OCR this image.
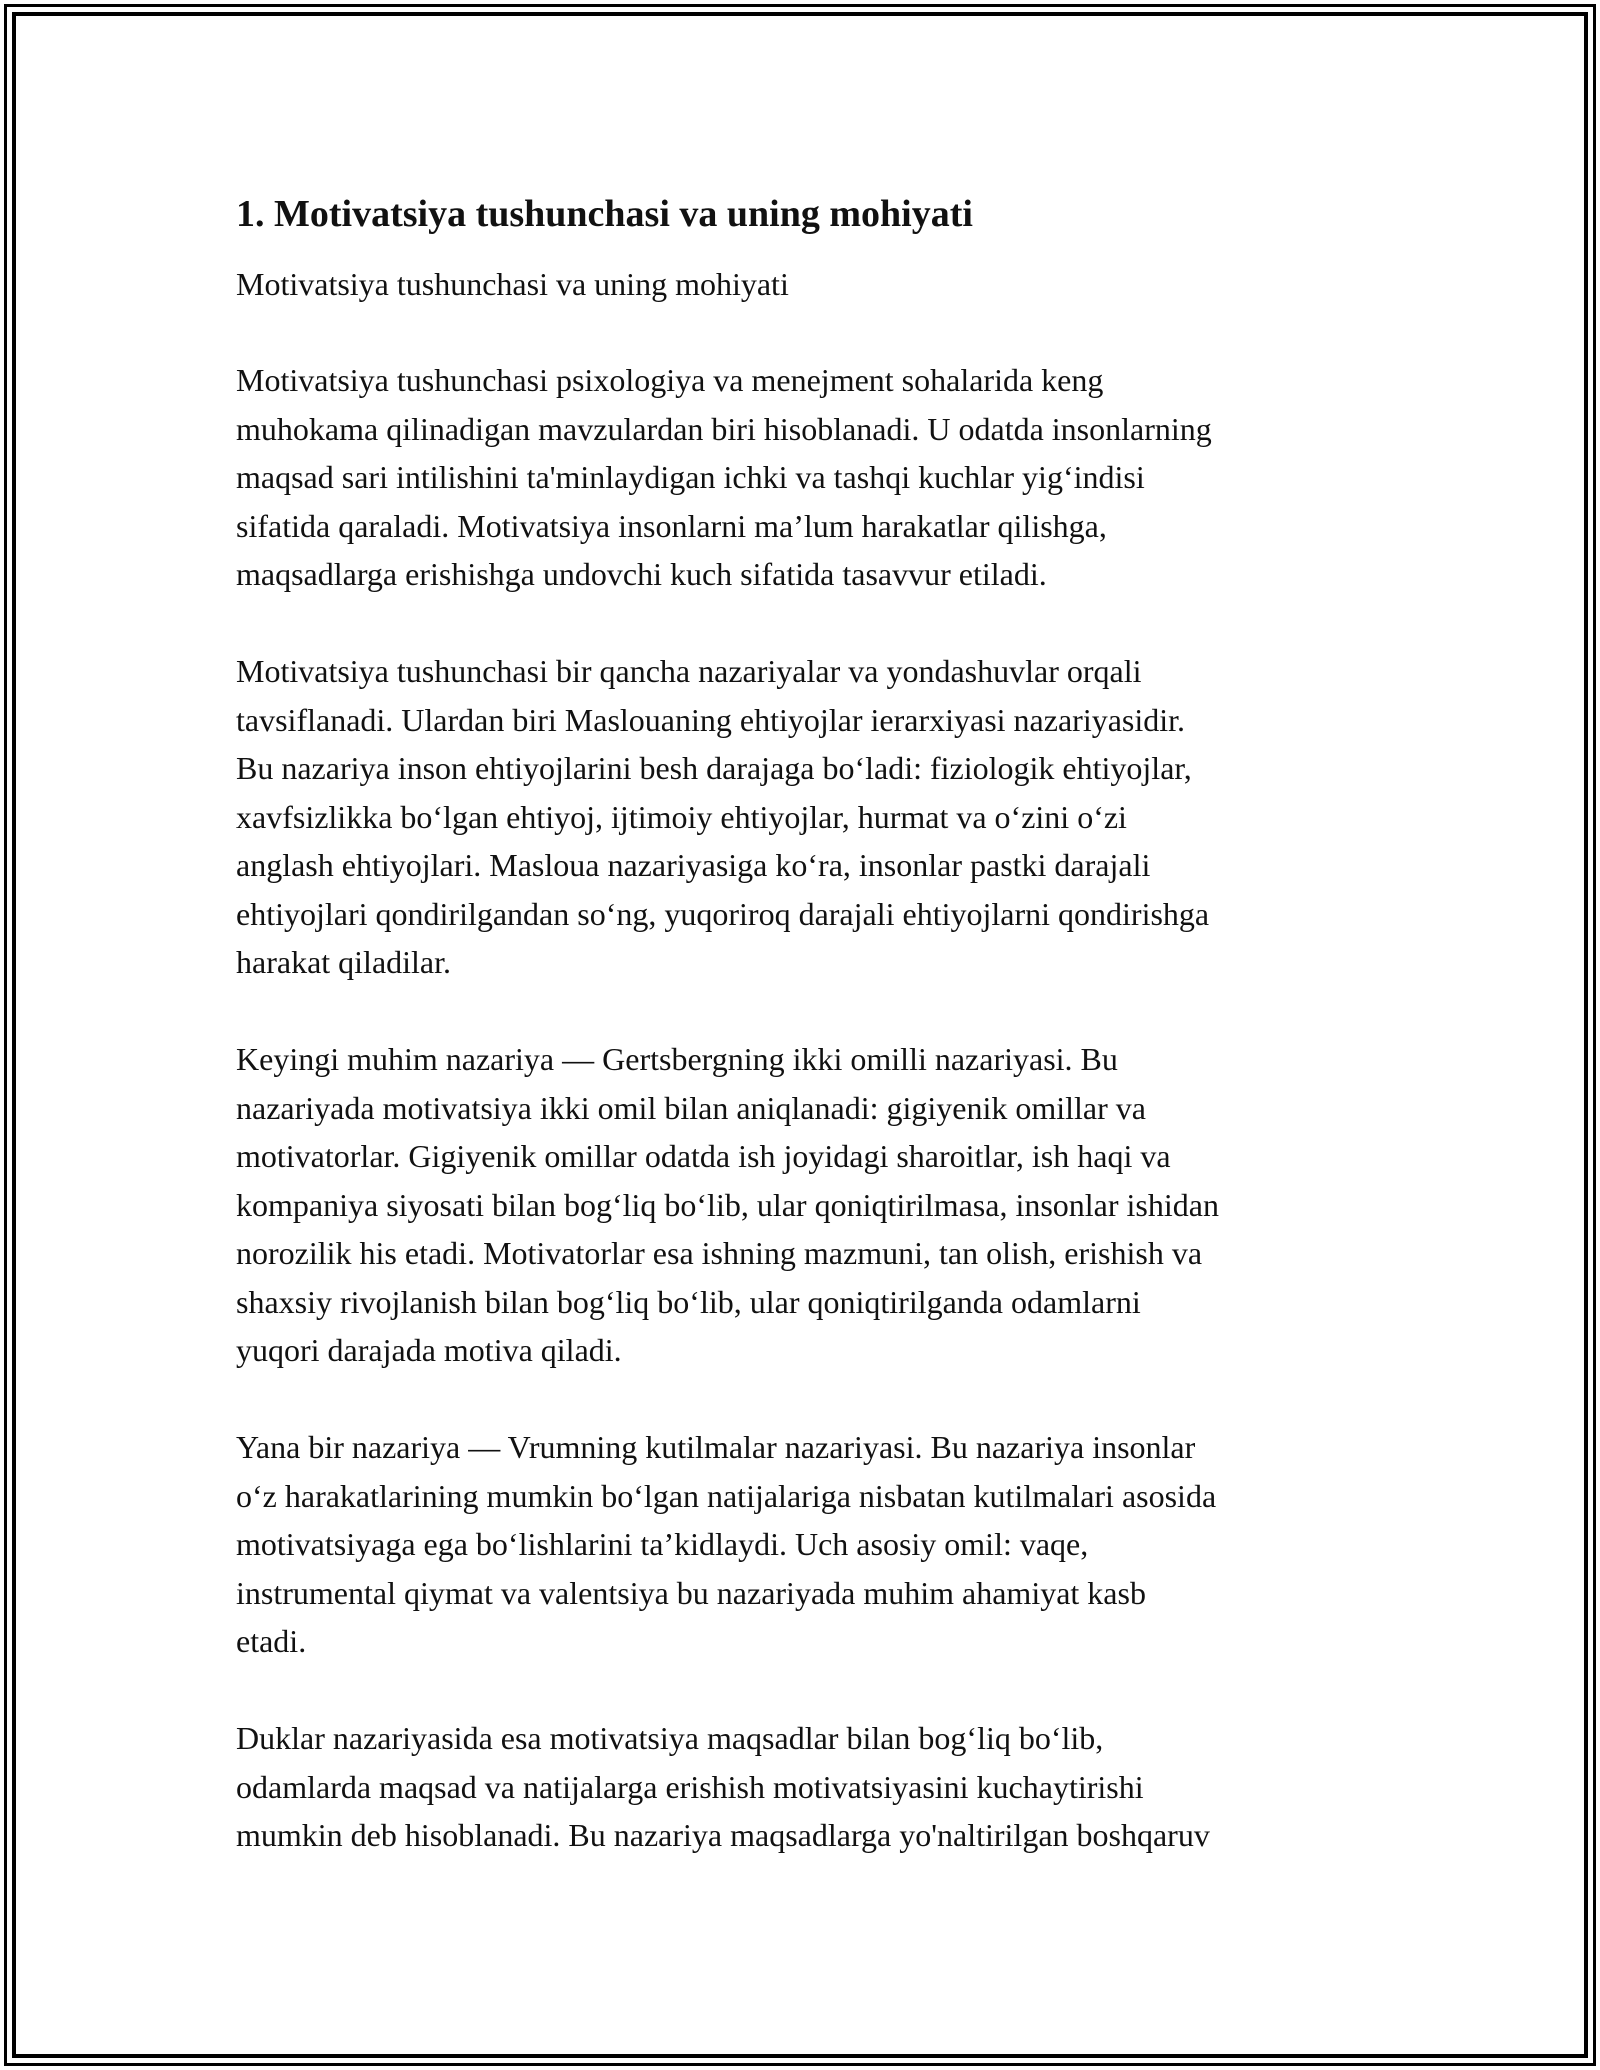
1. Motivatsiya tushunchasi va uning mohiyati
Motivatsiya tushunchasi va uning mohiyati

Motivatsiya tushunchasi psixologiya va menejment sohalarida keng
muhokama qilinadigan mavzulardan biri hisoblanadi. U odatda insonlarning
maqsad sari intilishini ta'minlaydigan ichki va tashqi kuchlar yig‘indisi
sifatida qaraladi. Motivatsiya insonlarni ma’lum harakatlar qilishga,
maqsadlarga erishishga undovchi kuch sifatida tasavvur etiladi.

Motivatsiya tushunchasi bir qancha nazariyalar va yondashuvlar orqali
tavsiflanadi. Ulardan biri Maslouaning ehtiyojlar ierarxiyasi nazariyasidir.
Bu nazariya inson ehtiyojlarini besh darajaga bo‘ladi: fiziologik ehtiyojlar,
xavfsizlikka bo‘lgan ehtiyoj, ijtimoiy ehtiyojlar, hurmat va o‘zini o‘zi
anglash ehtiyojlari. Masloua nazariyasiga ko‘ra, insonlar pastki darajali
ehtiyojlari qondirilgandan so‘ng, yuqoriroq darajali ehtiyojlarni qondirishga
harakat qiladilar.

Keyingi muhim nazariya — Gertsbergning ikki omilli nazariyasi. Bu
nazariyada motivatsiya ikki omil bilan aniqlanadi: gigiyenik omillar va
motivatorlar. Gigiyenik omillar odatda ish joyidagi sharoitlar, ish haqi va
kompaniya siyosati bilan bog‘liq bo‘lib, ular qoniqtirilmasa, insonlar ishidan
norozilik his etadi. Motivatorlar esa ishning mazmuni, tan olish, erishish va
shaxsiy rivojlanish bilan bog‘liq bo‘lib, ular qoniqtirilganda odamlarni
yuqori darajada motiva qiladi.

Yana bir nazariya — Vrumning kutilmalar nazariyasi. Bu nazariya insonlar
o‘z harakatlarining mumkin bo‘lgan natijalariga nisbatan kutilmalari asosida
motivatsiyaga ega bo‘lishlarini ta’kidlaydi. Uch asosiy omil: vaqe,
instrumental qiymat va valentsiya bu nazariyada muhim ahamiyat kasb
etadi.

Duklar nazariyasida esa motivatsiya maqsadlar bilan bog‘liq bo‘lib,
odamlarda maqsad va natijalarga erishish motivatsiyasini kuchaytirishi
mumkin deb hisoblanadi. Bu nazariya maqsadlarga yo'naltirilgan boshqaruv
